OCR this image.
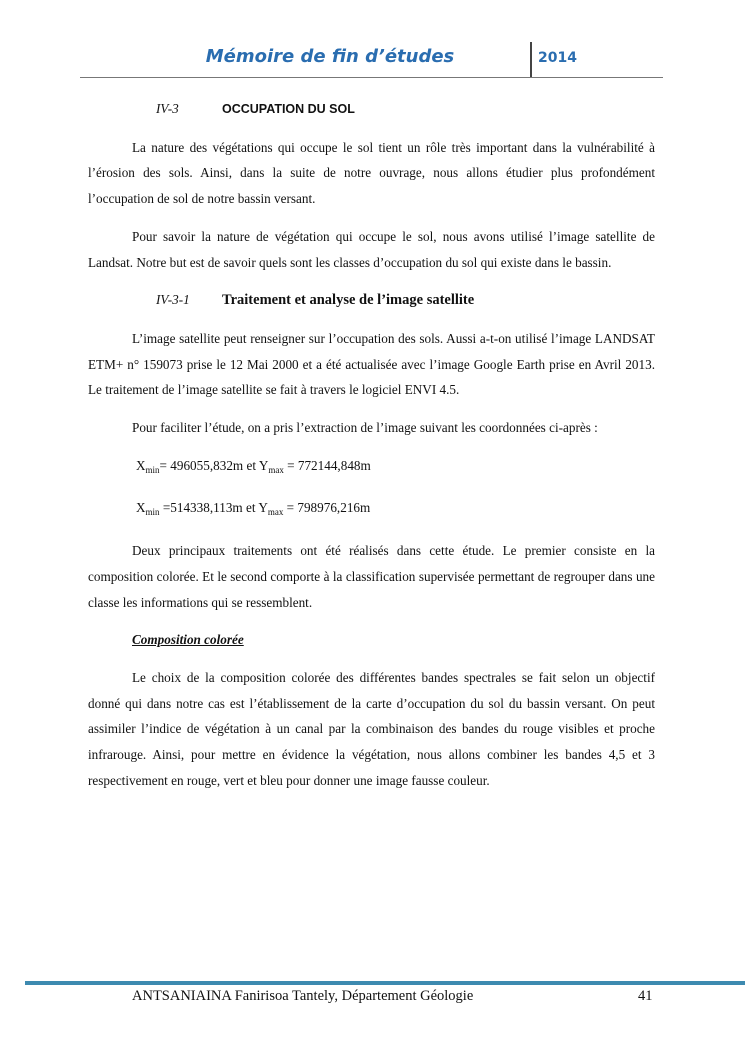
Mémoire de fin d’études	2014
IV-3	OCCUPATION DU SOL

La nature des végétations qui occupe le sol tient un rôle très important dans la vulnérabilité à l’érosion des sols. Ainsi, dans la suite de notre ouvrage, nous allons étudier plus profondément l’occupation de sol de notre bassin versant.

Pour savoir la nature de végétation qui occupe le sol, nous avons utilisé l’image satellite de Landsat. Notre but est de savoir quels sont les classes d’occupation du sol qui existe dans le bassin.

IV-3-1	Traitement et analyse de l’image satellite

L’image satellite peut renseigner sur l’occupation des sols. Aussi a-t-on utilisé l’image LANDSAT ETM+ n° 159073 prise le 12 Mai 2000 et a été actualisée avec l’image Google Earth prise en Avril 2013. Le traitement de l’image satellite se fait à travers le logiciel ENVI 4.5.

Pour faciliter l’étude, on a pris l’extraction de l’image suivant les coordonnées ci-après :

$X_{min}= 496055,832m$ et $Y_{max} = 772144,848m$
$X_{min} =514338,113m$ et $Y_{max} = 798976,216m$

Deux principaux traitements ont été réalisés dans cette étude. Le premier consiste en la composition colorée. Et le second comporte à la classification supervisée permettant de regrouper dans une classe les informations qui se ressemblent.

Composition colorée

Le choix de la composition colorée des différentes bandes spectrales se fait selon un objectif donné qui dans notre cas est l’établissement de la carte d’occupation du sol du bassin versant. On peut assimiler l’indice de végétation à un canal par la combinaison des bandes du rouge visibles et proche infrarouge. Ainsi, pour mettre en évidence la végétation, nous allons combiner les bandes 4,5 et 3 respectivement en rouge, vert et bleu pour donner une image fausse couleur.

ANTSANIAINA Fanirisoa Tantely, Département Géologie	41
